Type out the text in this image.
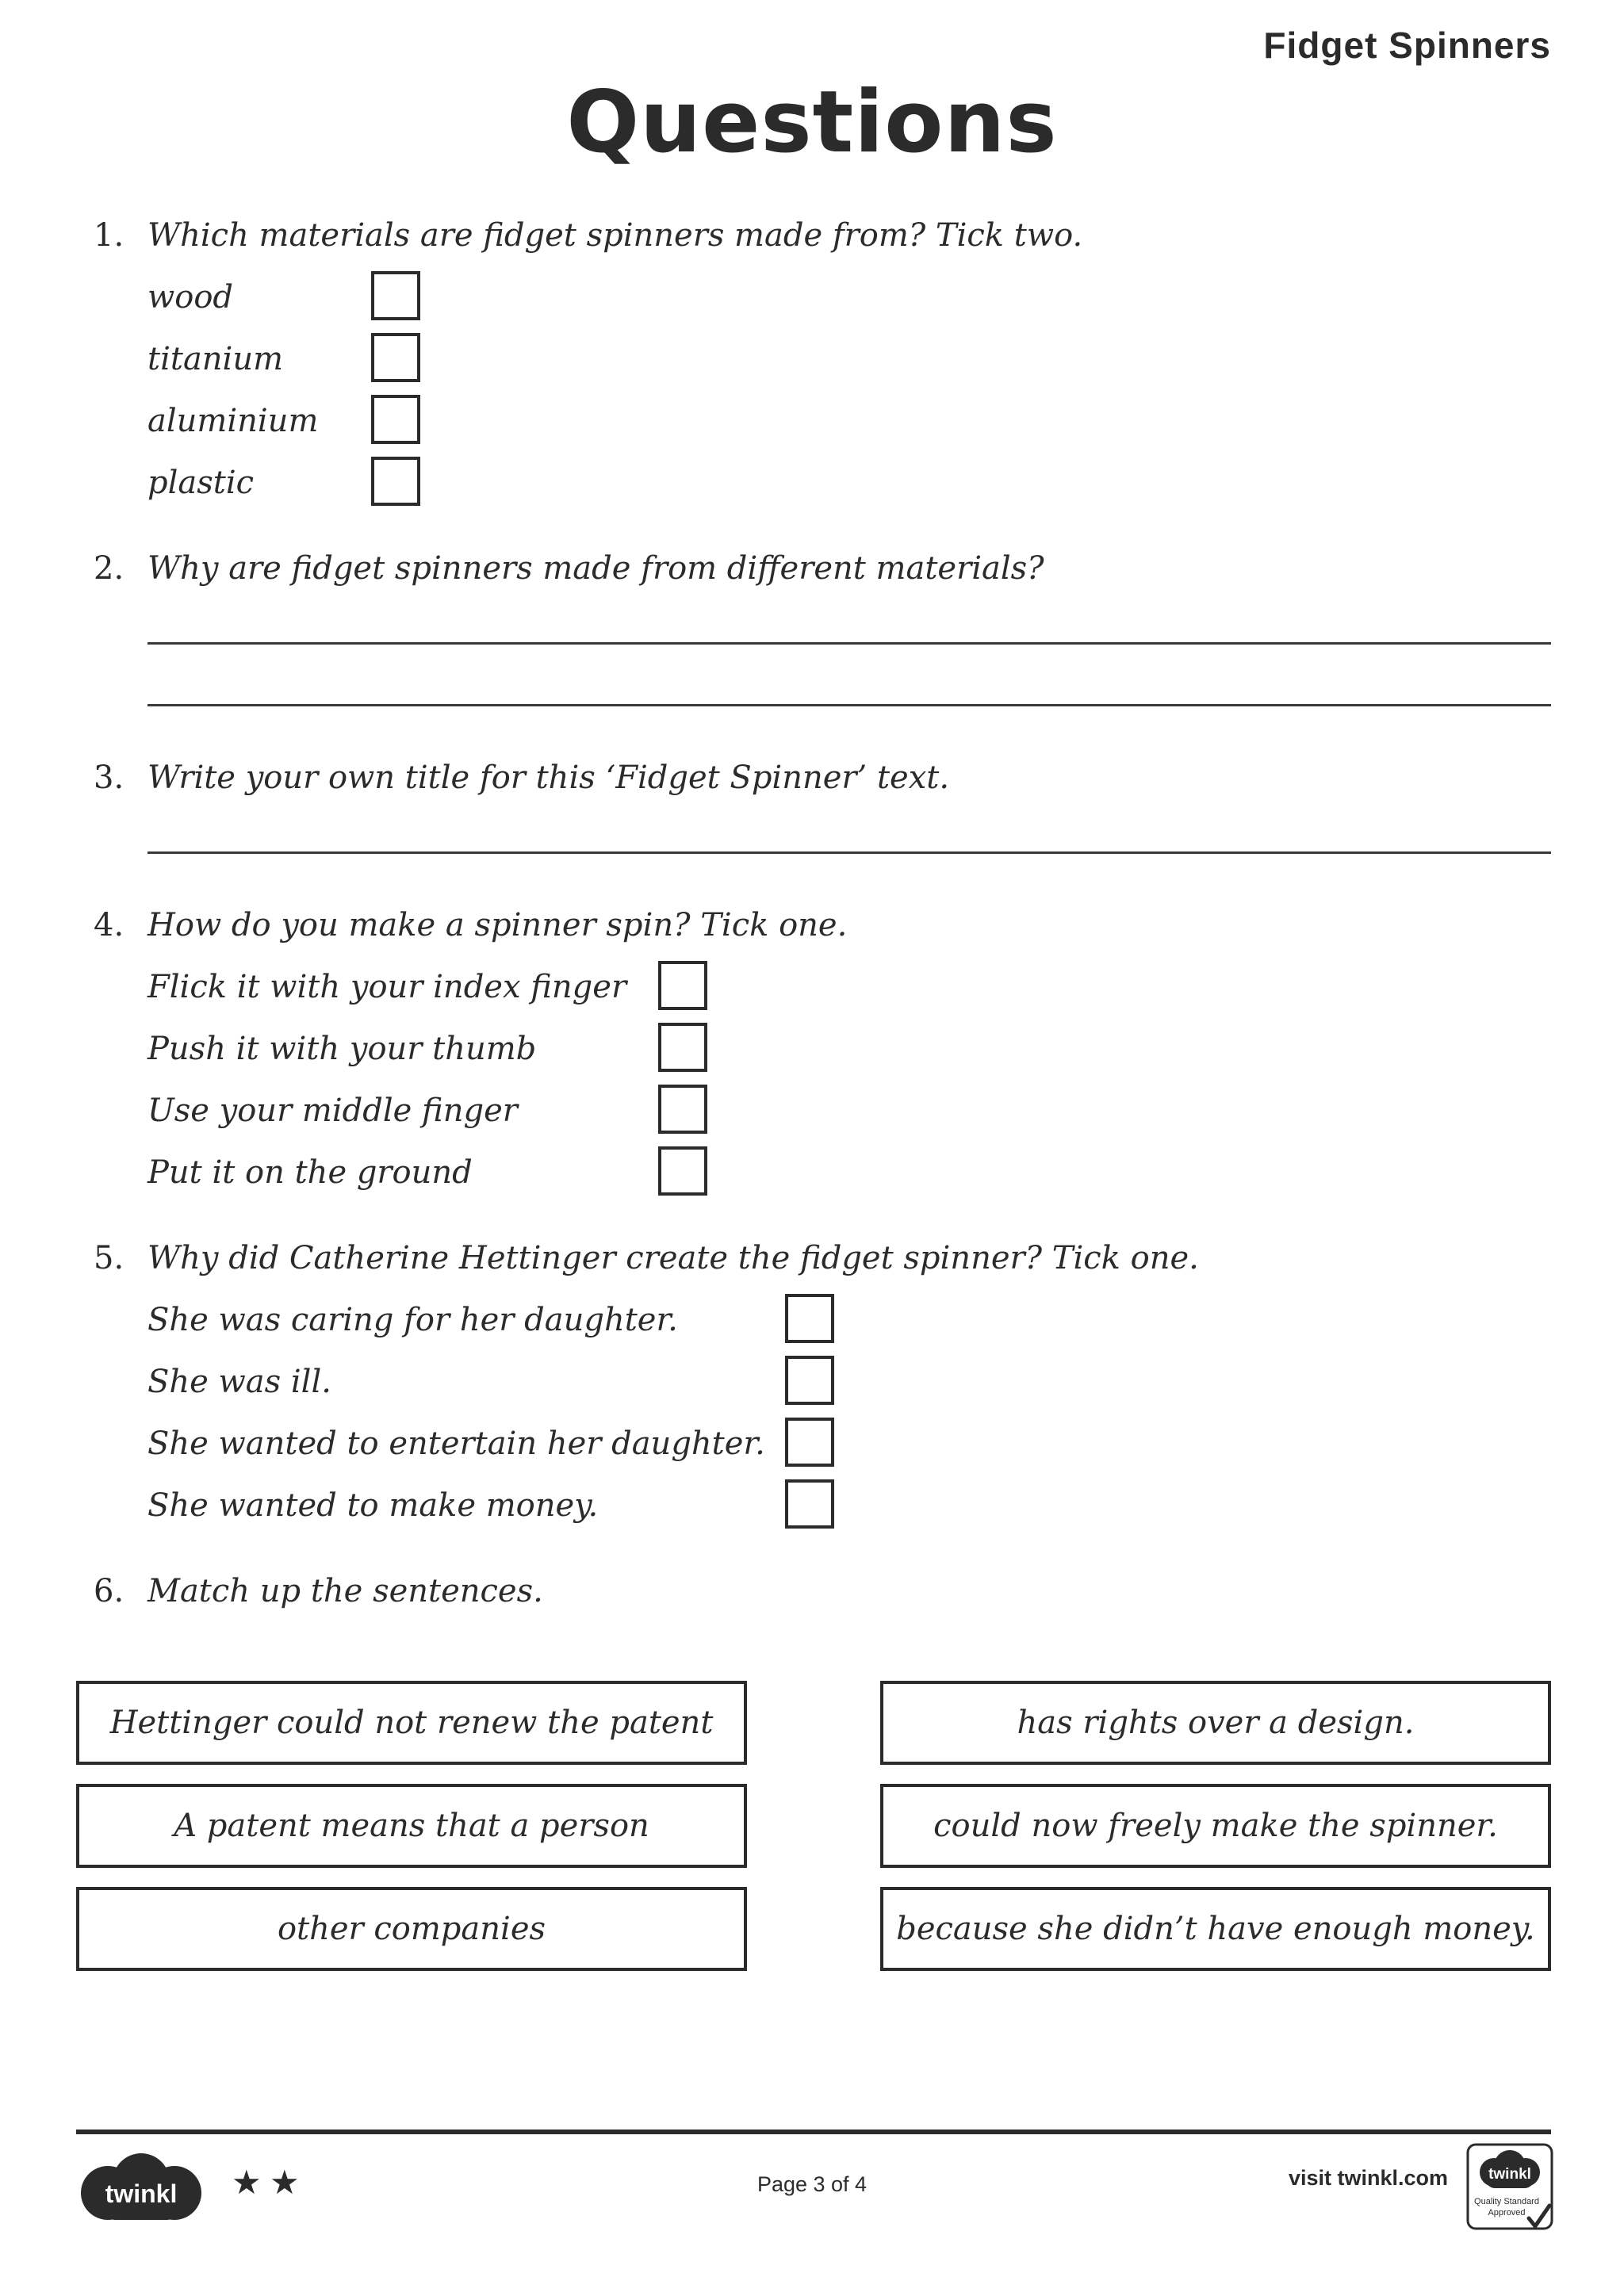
Fidget Spinners
Questions
1. Which materials are fidget spinners made from? Tick two.
wood
titanium
aluminium
plastic
2. Why are fidget spinners made from different materials?
3. Write your own title for this ‘Fidget Spinner’ text.
4. How do you make a spinner spin? Tick one.
Flick it with your index finger
Push it with your thumb
Use your middle finger
Put it on the ground
5. Why did Catherine Hettinger create the fidget spinner? Tick one.
She was caring for her daughter.
She was ill.
She wanted to entertain her daughter.
She wanted to make money.
6. Match up the sentences.
Hettinger could not renew the patent
A patent means that a person
other companies
has rights over a design.
could now freely make the spinner.
because she didn’t have enough money.
twinkl ★ ★	Page 3 of 4	visit twinkl.com	twinkl
Quality Standard
Approved
